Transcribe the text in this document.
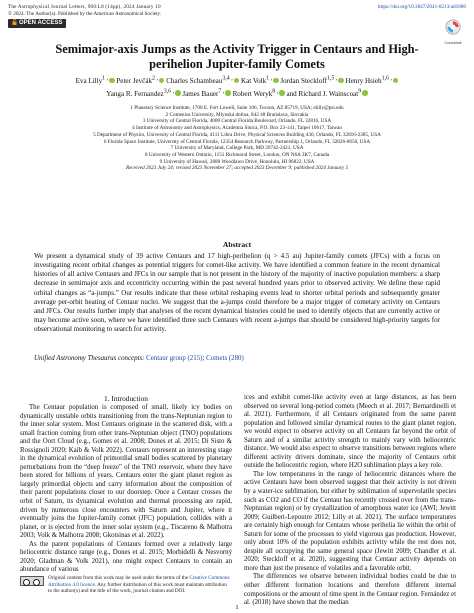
The Astrophysical Journal Letters, 960:L8 (14pp), 2024 January 10
© 2024. The Author(s). Published by the American Astronomical Society.
OPEN ACCESS
https://doi.org/10.3847/2041-8213/ad1606
CrossMark
Semimajor-axis Jumps as the Activity Trigger in Centaurs and High-perihelion Jupiter-family Comets
Eva Lilly$^{1 ,}$ Peter Jevčák$^{2 ,}$ Charles Schambeau$^{3,4 ,}$ Kat Volk$^{1 ,}$ Jordan Steckloff$^{1,5 ,}$ Henry Hsieh$^{1,6 ,}$
Yanga R. Fernandez$^{3,6 ,}$ James Bauer$^{7 ,}$ Robert Weryk$^{8 ,}$ and Richard J. Wainscoat$^9$
1 Planetary Science Institute, 1700 E. Fort Lowell, Suite 106, Tucson, AZ 85719, USA; elilly@psi.edu
2 Comenius University, Mlynská dolina, 842 48 Bratislava, Slovakia
3 University of Central Florida, 4000 Central Florida Boulevard, Orlando, FL 32816, USA
4 Institute of Astronomy and Astrophysics, Academia Sinica, P.O. Box 23-141, Taipei 10617, Taiwan
5 Department of Physics, University of Central Florida, 4111 Libra Drive, Physical Sciences Building 430, Orlando, FL 32816-2385, USA
6 Florida Space Institute, University of Central Florida, 12354 Research Parkway, Partnership 1, Orlando, FL 32826-0650, USA
7 University of Maryland, College Park, MD 20742-2421, USA
8 University of Western Ontario, 1151 Richmond Street, London, ON N6A 3K7, Canada
9 University of Hawaii, 2680 Woodlawn Drive, Honolulu, HI 96822, USA
Received 2023 July 24; revised 2023 November 27; accepted 2023 December 9; published 2024 January 5
Abstract
We present a dynamical study of 39 active Centaurs and 17 high-perihelion (q > 4.5 au) Jupiter-family comets (JFCs) with a focus on investigating recent orbital changes as potential triggers for comet-like activity. We have identified a common feature in the recent dynamical histories of all active Centaurs and JFCs in our sample that is not present in the history of the majority of inactive population members: a sharp decrease in semimajor axis and eccentricity occurring within the past several hundred years prior to observed activity. We define these rapid orbital changes as “a-jumps.” Our results indicate that these orbital reshaping events lead to shorter orbital periods and subsequently greater average per-orbit heating of Centaur nuclei. We suggest that the a-jumps could therefore be a major trigger of cometary activity on Centaurs and JFCs. Our results further imply that analyses of the recent dynamical histories could be used to identify objects that are currently active or may become active soon, where we have identified three such Centaurs with recent a-jumps that should be considered high-priority targets for observational monitoring to search for activity.
Unified Astronomy Thesaurus concepts: Centaur group (215); Comets (280)
1. Introduction

The Centaur population is composed of small, likely icy bodies on dynamically unstable orbits transitioning from the trans-Neptunian region to the inner solar system. Most Centaurs originate in the scattered disk, with a small fraction coming from other trans-Neptunian object (TNO) populations and the Oort Cloud (e.g., Gomes et al. 2008; Dones et al. 2015; Di Sisto & Rossignoli 2020; Kaib & Volk 2022). Centaurs represent an interesting stage in the dynamical evolution of primordial small bodies scattered by planetary perturbations from the “deep freeze” of the TNO reservoir, where they have been stored for billions of years. Centaurs enter the giant planet region as largely primordial objects and carry information about the composition of their parent populations closer to our doorstep. Once a Centaur crosses the orbit of Saturn, its dynamical evolution and thermal processing are rapid, driven by numerous close encounters with Saturn and Jupiter, where it eventually joins the Jupiter-family comet (JFC) population, collides with a planet, or is ejected from the inner solar system (e.g., Tiscareno & Malhotra 2003; Volk & Malhotra 2008; Gkotsinas et al. 2022).

As the parent populations of Centaurs formed over a relatively large heliocentric distance range (e.g., Dones et al. 2015; Morbidelli & Nesvorný 2020; Gladman & Volk 2021), one might expect Centaurs to contain an abundance of various

ices and exhibit comet-like activity even at large distances, as has been observed on several long-period comets (Meech et al. 2017; Bernardinelli et al. 2021). Furthermore, if all Centaurs originated from the same parent population and followed similar dynamical routes to the giant planet region, we would expect to observe activity on all Centaurs far beyond the orbit of Saturn and of a similar activity strength to mainly vary with heliocentric distance. We would also expect to observe transitions between regions where different activity drivers dominate, since the majority of Centaurs orbit outside the heliocentric region, where H2O sublimation plays a key role.

The low temperatures in the range of heliocentric distances where the active Centaurs have been observed suggest that their activity is not driven by a water-ice sublimation, but either by sublimation of supervolatile species such as CO2 and CO if the Centaur has recently crossed over from the trans-Neptunian region) or by crystallization of amorphous water ice (AWI; Jewitt 2009; Guilbert-Lepoutre 2012; Lilly et al. 2021). The surface temperatures are certainly high enough for Centaurs whose perihelia lie within the orbit of Saturn for some of the processes to yield vigorous gas production. However, only about 10% of the population exhibits activity while the rest does not, despite all occupying the same general space (Jewitt 2009; Chandler et al. 2020; Steckloff et al. 2020), suggesting that Centaur activity depends on more than just the presence of volatiles and a favorable orbit.

The differences we observe between individual bodies could be due to either different formation locations and therefore different internal compositions or the amount of time spent in the Centaur region. Fernández et al. (2018) have shown that the median

Original content from this work may be used under the terms of the Creative Commons Attribution 4.0 licence. Any further distribution of this work must maintain attribution to the author(s) and the title of the work, journal citation and DOI.
1
